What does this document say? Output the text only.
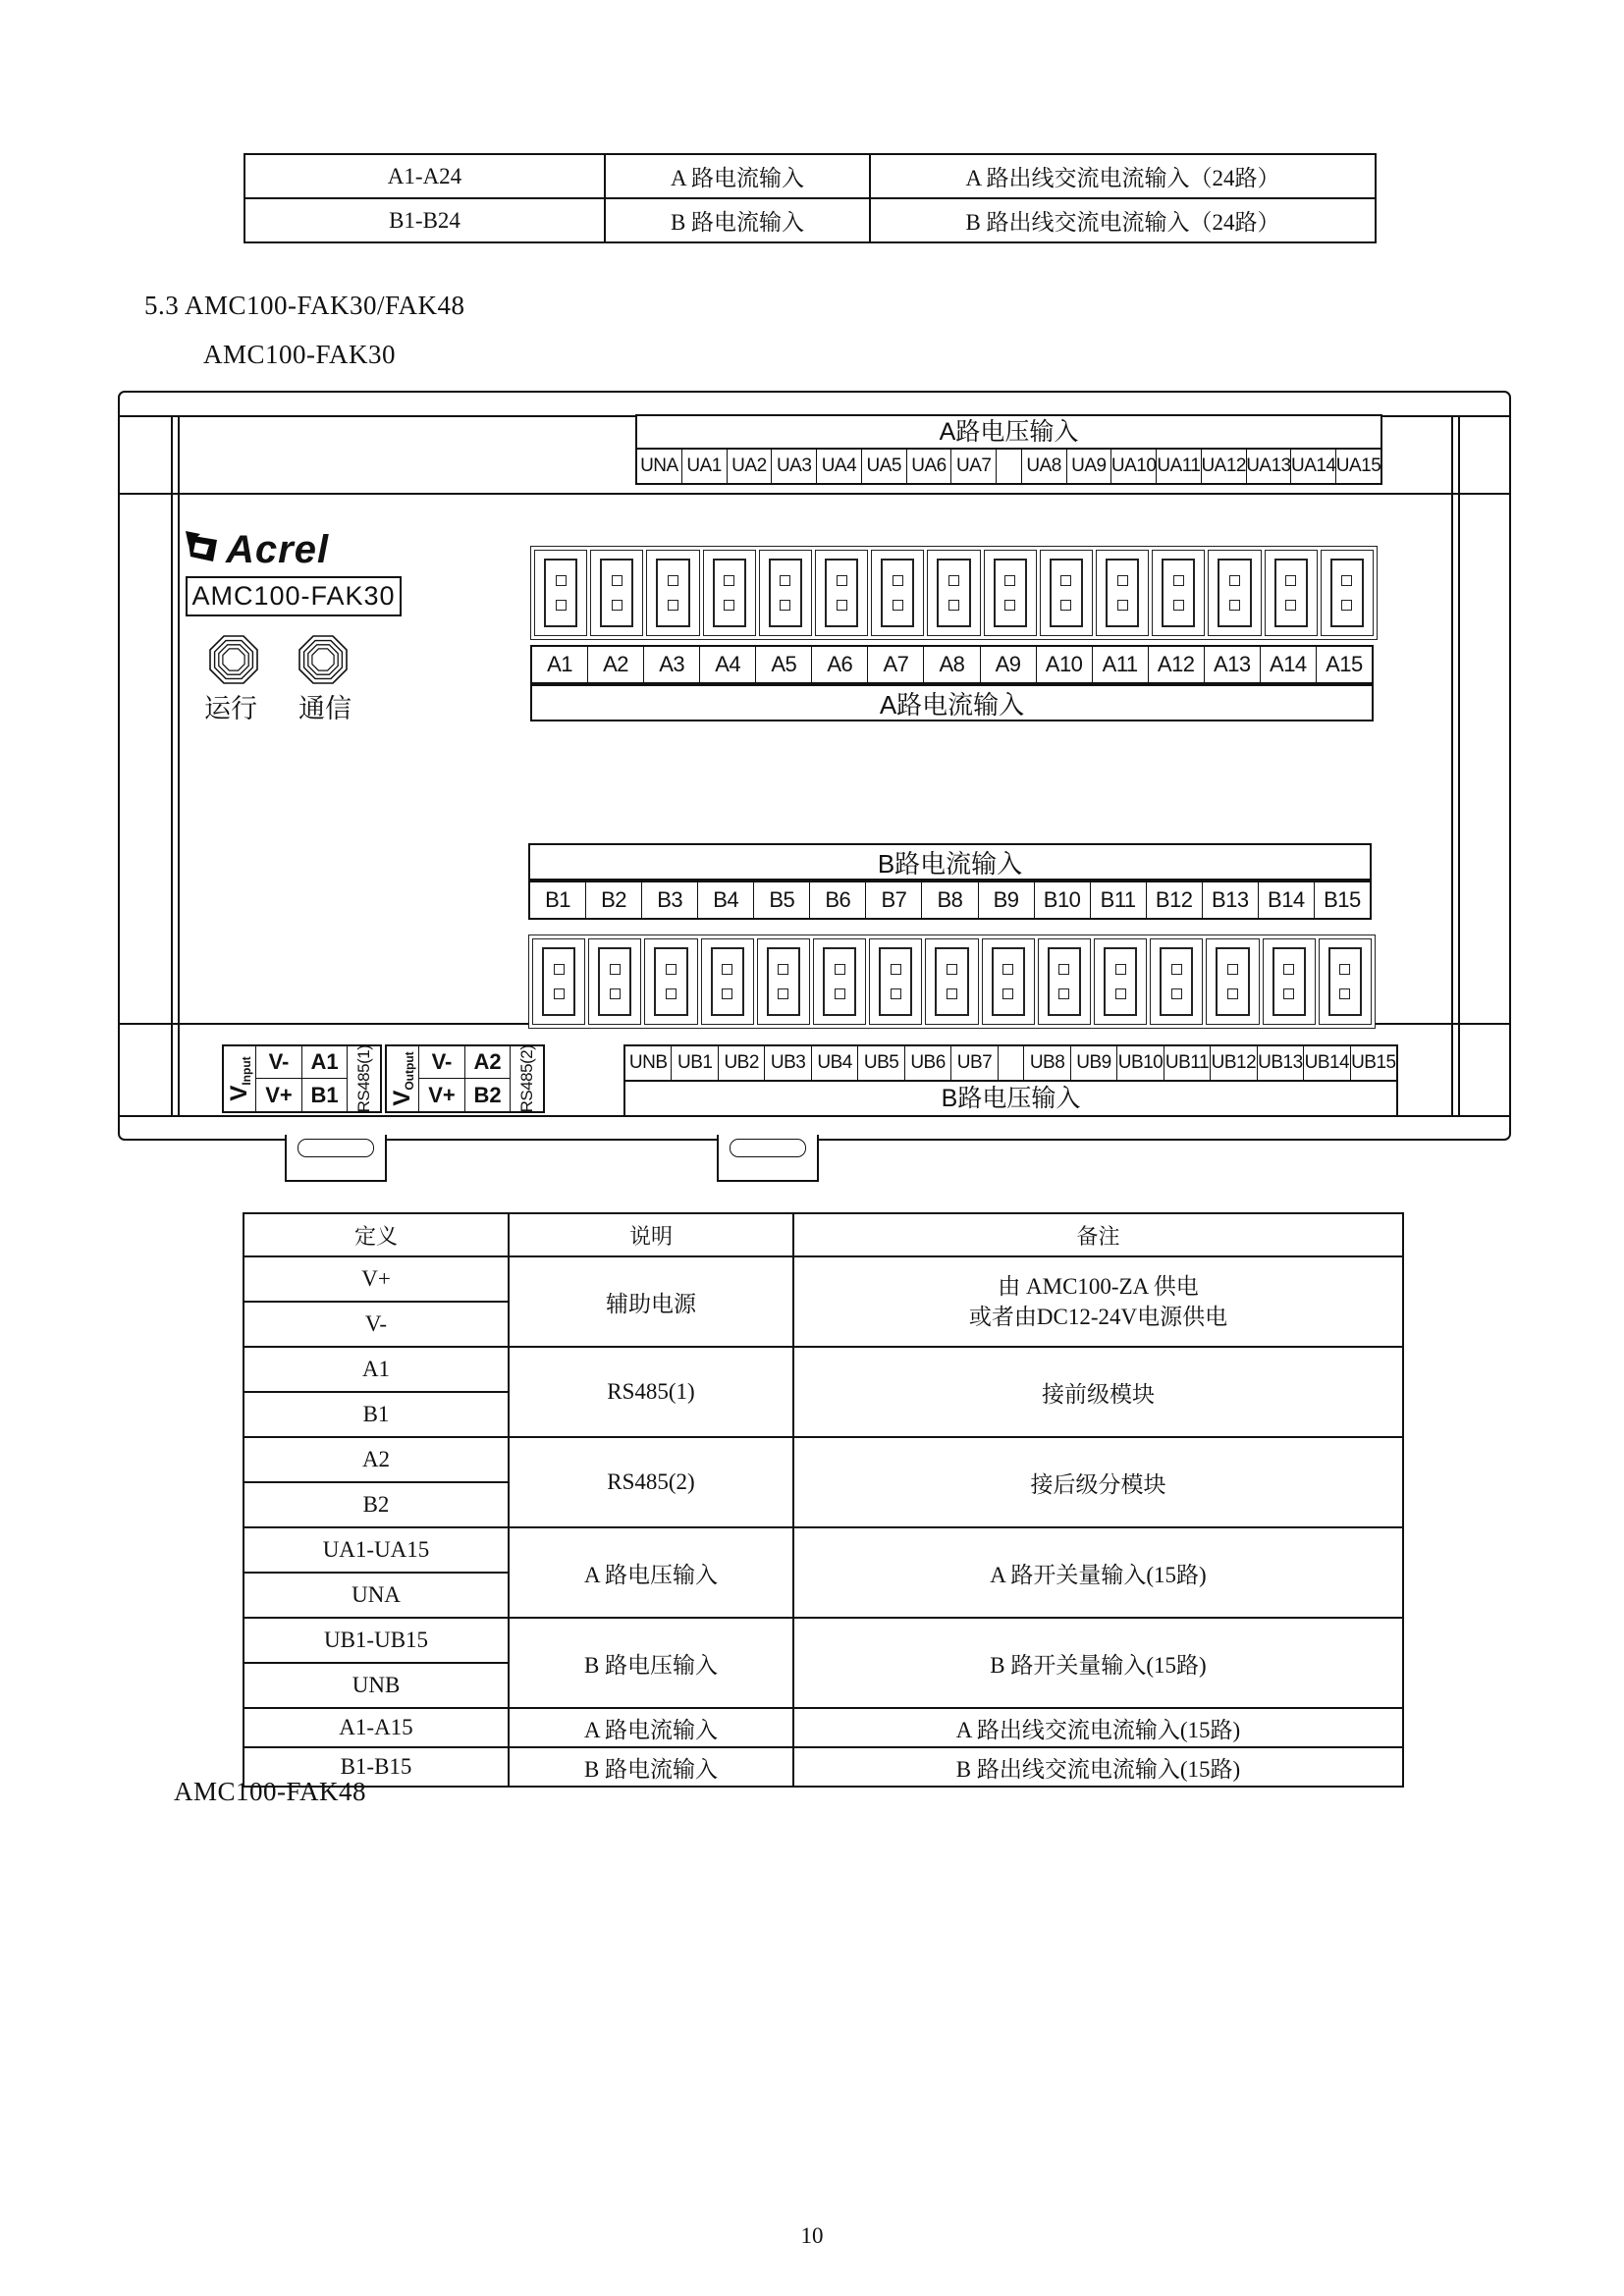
A1-A24	A 路电流输入	A 路出线交流电流输入（24路）
B1-B24	B 路电流输入	B 路出线交流电流输入（24路）
5.3 AMC100-FAK30/FAK48
AMC100-FAK30
A路电压输入
UNA UA1 UA2 UA3 UA4 UA5 UA6 UA7 UA8 UA9 UA10 UA11 UA12 UA13 UA14 UA15
Acrel
AMC100-FAK30
运行	通信
A1	A2	A3	A4	A5	A6	A7	A8	A9	A10 A11 A12 A13 A14 A15
A路电流输入
B路电流输入
B1	B2	B3	B4	B5	B6	B7	B8	B9	B10 B11 B12 B13 B14 B15
$V_{Input}$ V-	A1
V+ B1 RS485(1) $V_{Output}$ V-	A2
V+ B2 RS485(2)	UNB UB1 UB2 UB3 UB4 UB5 UB6 UB7	UB8 UB9 UB10 UB11 UB12 UB13 UB14 UB15
B路电压输入
定义	说明	备注
V+	辅助电源	由 AMC100-ZA 供电
或者由DC12-24V电源供电

V-		
A1	RS485(1)	接前级模块
B1		
A2	RS485(2)	接后级分模块
B2		
UA1-UA15	A 路电压输入	A 路开关量输入(15路)
UNA		
UB1-UB15	B 路电压输入	B 路开关量输入(15路)
UNB		
A1-A15	A 路电流输入	A 路出线交流电流输入(15路)
B1-B15	B 路电流输入	B 路出线交流电流输入(15路)
AMC100-FAK48
10
